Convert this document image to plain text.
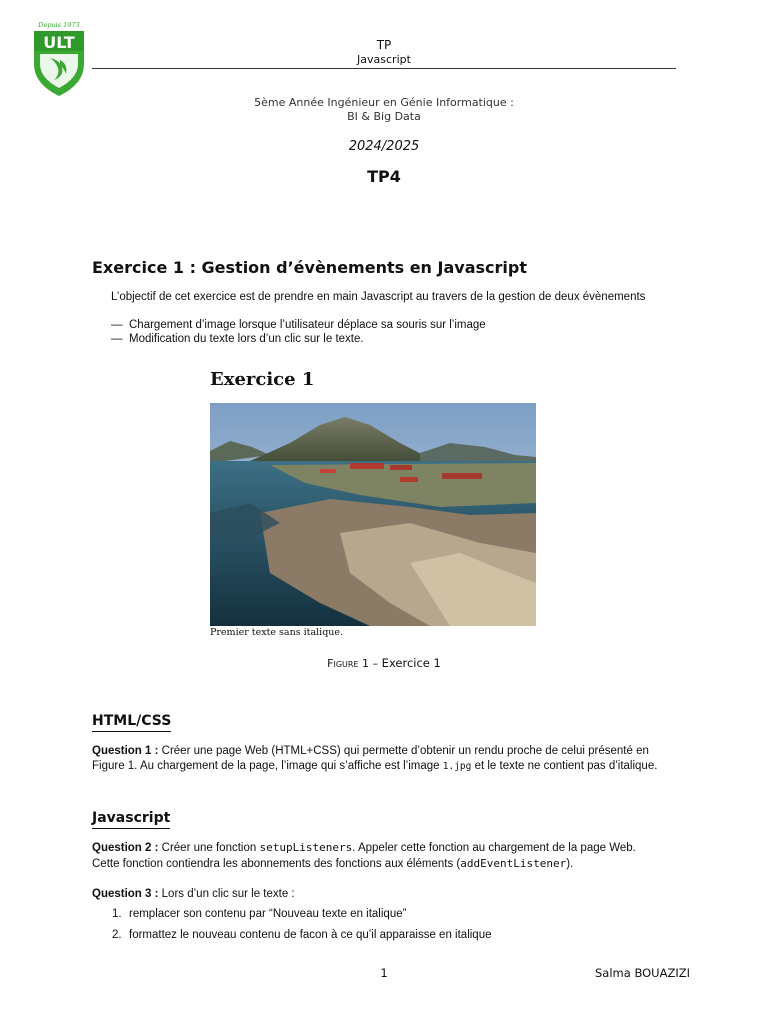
Depuis 1973
ULT	TP
Javascript
5ème Année Ingénieur en Génie Informatique :
BI & Big Data
2024/2025
TP4
Exercice 1 : Gestion d’évènements en Javascript
L’objectif de cet exercice est de prendre en main Javascript au travers de la gestion de deux évènements
— Chargement d’image lorsque l’utilisateur déplace sa souris sur l’image
— Modification du texte lors d’un clic sur le texte.
Exercice 1
Premier texte sans italique.
Figure 1 – Exercice 1
HTML/CSS
Question 1 : Créer une page Web (HTML+CSS) qui permette d’obtenir un rendu proche de celui présenté en
Figure 1. Au chargement de la page, l’image qui s’affiche est l’image 1.jpg et le texte ne contient pas d’italique.
Javascript
Question 2 : Créer une fonction setupListeners. Appeler cette fonction au chargement de la page Web.
Cette fonction contiendra les abonnements des fonctions aux éléments (addEventListener).
Question 3 : Lors d’un clic sur le texte :
1. remplacer son contenu par “Nouveau texte en italique”
2. formattez le nouveau contenu de facon à ce qu’il apparaisse en italique
1	Salma BOUAZIZI
